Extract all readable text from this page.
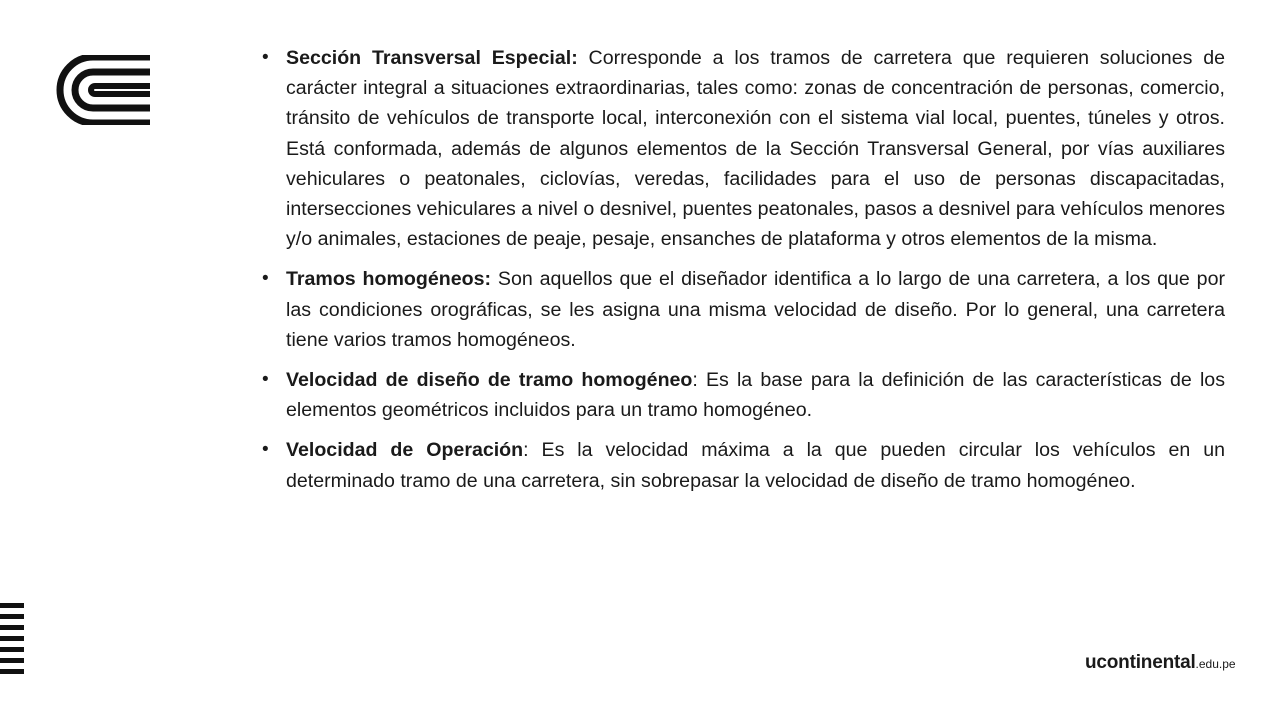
• Sección Transversal Especial: Corresponde a los tramos de carretera que requieren soluciones de carácter integral a situaciones extraordinarias, tales como: zonas de concentración de personas, comercio, tránsito de vehículos de transporte local, interconexión con el sistema vial local, puentes, túneles y otros. Está conformada, además de algunos elementos de la Sección Transversal General, por vías auxiliares vehiculares o peatonales, ciclovías, veredas, facilidades para el uso de personas discapacitadas, intersecciones vehiculares a nivel o desnivel, puentes peatonales, pasos a desnivel para vehículos menores y/o animales, estaciones de peaje, pesaje, ensanches de plataforma y otros elementos de la misma.
• Tramos homogéneos: Son aquellos que el diseñador identifica a lo largo de una carretera, a los que por las condiciones orográficas, se les asigna una misma velocidad de diseño. Por lo general, una carretera tiene varios tramos homogéneos.
• Velocidad de diseño de tramo homogéneo: Es la base para la definición de las características de los elementos geométricos incluidos para un tramo homogéneo.
• Velocidad de Operación: Es la velocidad máxima a la que pueden circular los vehículos en un determinado tramo de una carretera, sin sobrepasar la velocidad de diseño de tramo homogéneo.
ucontinental.edu.pe
